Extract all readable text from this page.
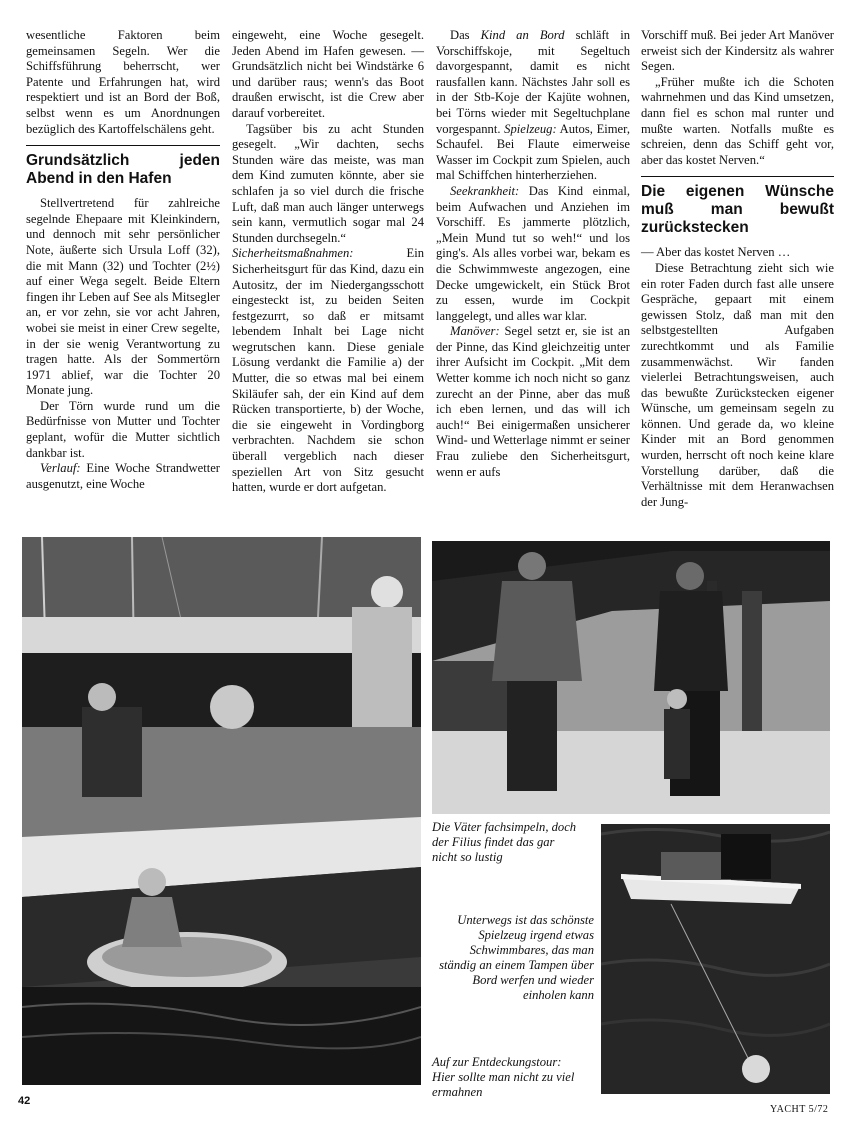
wesentliche Faktoren beim gemeinsamen Segeln. Wer die Schiffsführung beherrscht, wer Patente und Erfahrungen hat, wird respektiert und ist an Bord der Boß, selbst wenn es um Anordnungen bezüglich des Kartoffelschälens geht.

Grundsätzlich jeden Abend in den Hafen

Stellvertretend für zahlreiche segelnde Ehepaare mit Kleinkindern, und dennoch mit sehr persönlicher Note, äußerte sich Ursula Loff (32), die mit Mann (32) und Tochter (2½) auf einer Wega segelt. Beide Eltern fingen ihr Leben auf See als Mitsegler an, er vor zehn, sie vor acht Jahren, wobei sie meist in einer Crew segelte, in der sie wenig Verantwortung zu tragen hatte. Als der Sommertörn 1971 ablief, war die Tochter 20 Monate jung.

Der Törn wurde rund um die Bedürfnisse von Mutter und Tochter geplant, wofür die Mutter sichtlich dankbar ist.

Verlauf: Eine Woche Strandwetter ausgenutzt, eine Woche

eingeweht, eine Woche gesegelt. Jeden Abend im Hafen gewesen. — Grundsätzlich nicht bei Windstärke 6 und darüber raus; wenn's das Boot draußen erwischt, ist die Crew aber darauf vorbereitet.

Tagsüber bis zu acht Stunden gesegelt. „Wir dachten, sechs Stunden wäre das meiste, was man dem Kind zumuten könnte, aber sie schlafen ja so viel durch die frische Luft, daß man auch länger unterwegs sein kann, vermutlich sogar mal 24 Stunden durchsegeln.“

Sicherheitsmaßnahmen: Ein Sicherheitsgurt für das Kind, dazu ein Autositz, der im Niedergangsschott eingesteckt ist, zu beiden Seiten festgezurrt, so daß er mitsamt lebendem Inhalt bei Lage nicht wegrutschen kann. Diese geniale Lösung verdankt die Familie a) der Mutter, die so etwas mal bei einem Skiläufer sah, der ein Kind auf dem Rücken transportierte, b) der Woche, die sie eingeweht in Vordingborg verbrachten. Nachdem sie schon überall vergeblich nach dieser speziellen Art von Sitz gesucht hatten, wurde er dort aufgetan.

Das Kind an Bord schläft in Vorschiffskoje, mit Segeltuch davorgespannt, damit es nicht rausfallen kann. Nächstes Jahr soll es in der Stb-Koje der Kajüte wohnen, bei Törns wieder mit Segeltuchplane vorgespannt. Spielzeug: Autos, Eimer, Schaufel. Bei Flaute eimerweise Wasser im Cockpit zum Spielen, auch mal Schiffchen hinterherziehen.

Seekrankheit: Das Kind einmal, beim Aufwachen und Anziehen im Vorschiff. Es jammerte plötzlich, „Mein Mund tut so weh!“ und los ging's. Als alles vorbei war, bekam es die Schwimmweste angezogen, eine Decke umgewickelt, ein Stück Brot zu essen, wurde im Cockpit langgelegt, und alles war klar.

Manöver: Segel setzt er, sie ist an der Pinne, das Kind gleichzeitig unter ihrer Aufsicht im Cockpit. „Mit dem Wetter komme ich noch nicht so ganz zurecht an der Pinne, aber das muß ich eben lernen, und das will ich auch!“ Bei einigermaßen unsicherer Wind- und Wetterlage nimmt er seiner Frau zuliebe den Sicherheitsgurt, wenn er aufs

Vorschiff muß. Bei jeder Art Manöver erweist sich der Kindersitz als wahrer Segen.

„Früher mußte ich die Schoten wahrnehmen und das Kind umsetzen, dann fiel es schon mal runter und mußte warten. Notfalls mußte es schreien, denn das Schiff geht vor, aber das kostet Nerven.“

Die eigenen Wünsche muß man bewußt zurückstecken

— Aber das kostet Nerven …

Diese Betrachtung zieht sich wie ein roter Faden durch fast alle unsere Gespräche, gepaart mit einem gewissen Stolz, daß man mit den selbstgestellten Aufgaben zurechtkommt und als Familie zusammenwächst. Wir fanden vielerlei Betrachtungsweisen, auch das bewußte Zurückstecken eigener Wünsche, um gemeinsam segeln zu können. Und gerade da, wo kleine Kinder mit an Bord genommen wurden, herrscht oft noch keine klare Vorstellung darüber, daß die Verhältnisse mit dem Heranwachsen der Jung-

Die Väter fachsimpeln, doch der Filius findet das gar nicht so lustig
Unterwegs ist das schönste Spielzeug irgend etwas Schwimmbares, das man ständig an einem Tampen über Bord werfen und wieder einholen kann
Auf zur Entdeckungstour: Hier sollte man nicht zu viel ermahnen
42
YACHT 5/72
